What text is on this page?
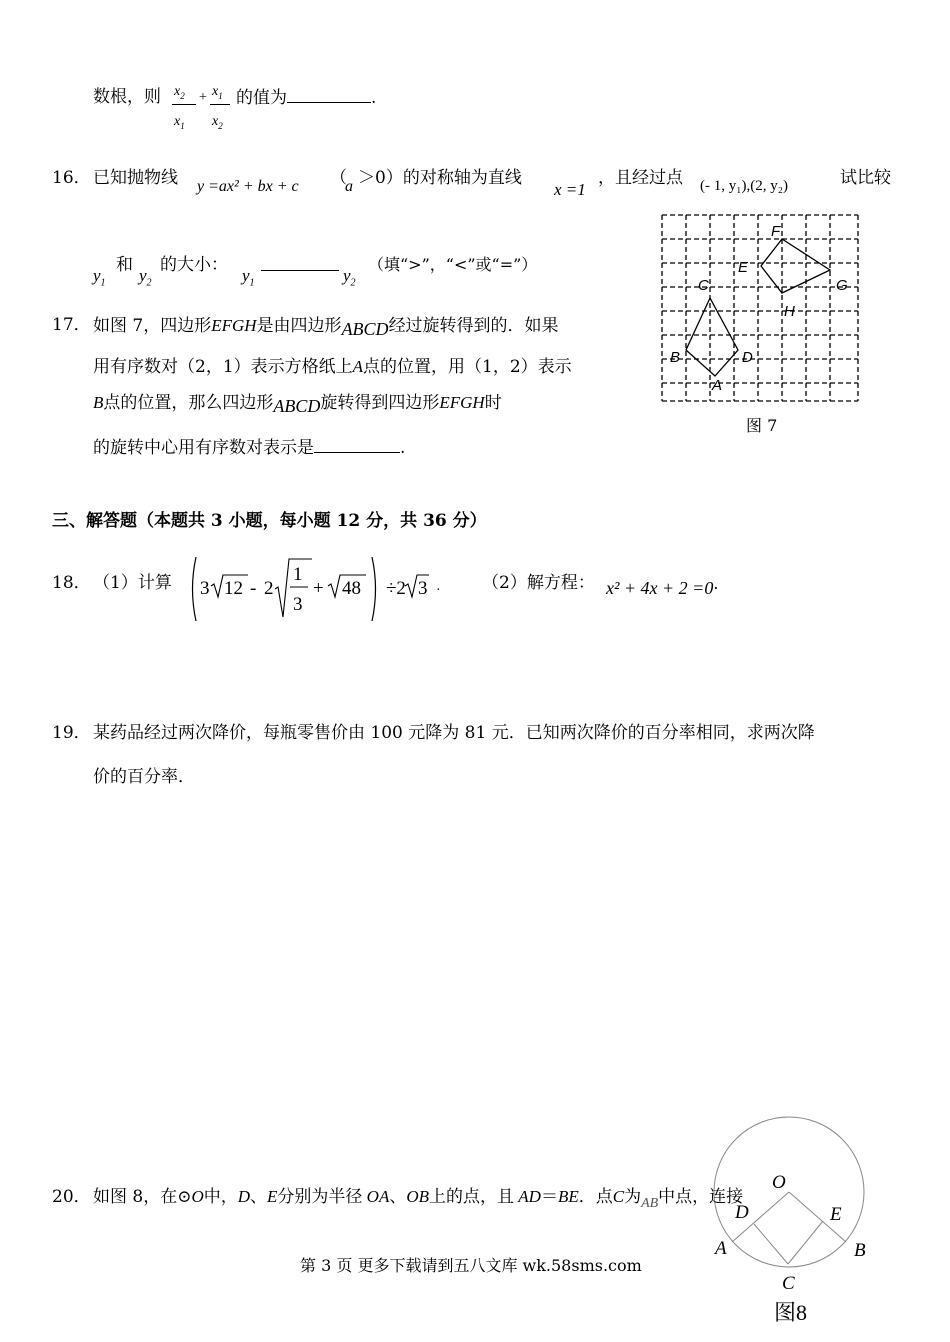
数根，则 $x_2$
$x_1$
+ $x_1$
$x_2$
的值为	.
16． 已知抛物线 y =ax² + bx + c （
a ＞0）的对称轴为直线
x =1
，且经过点 (- 1, y₁),(2, y₂)	试比较
$y_1$
和
$y_2$
的大小：
$y_1$	$y_2$
（填“>”，“<”或“=”）
17． 如图 7，四边形EFGH是由四边形ABCD经过旋转得到的．如果
用有序数对（2，1）表示方格纸上A点的位置，用（1，2）表示
B点的位置，那么四边形ABCD旋转得到四边形EFGH时
的旋转中心用有序数对表示是	.
F
E
G
H
C
B	D
A
图 7
三、解答题（本题共 3 小题，每小题 12 分，共 36 分）
18． （1）计算 3 12 - 2
1
3
+ 48 ÷2 3 · （2）解方程： x² + 4x + 2 =0·
19． 某药品经过两次降价，每瓶零售价由 100 元降为 81 元．已知两次降价的百分率相同，求两次降
价的百分率．
O
D	E
A	B
C
图8
20． 如图 8，在⊙O中，D、E分别为半径 OA、OB上的点，且 AD＝BE．点C为$_{AB}$中点，连接
第 3 页 更多下载请到五八文库 wk.58sms.com
